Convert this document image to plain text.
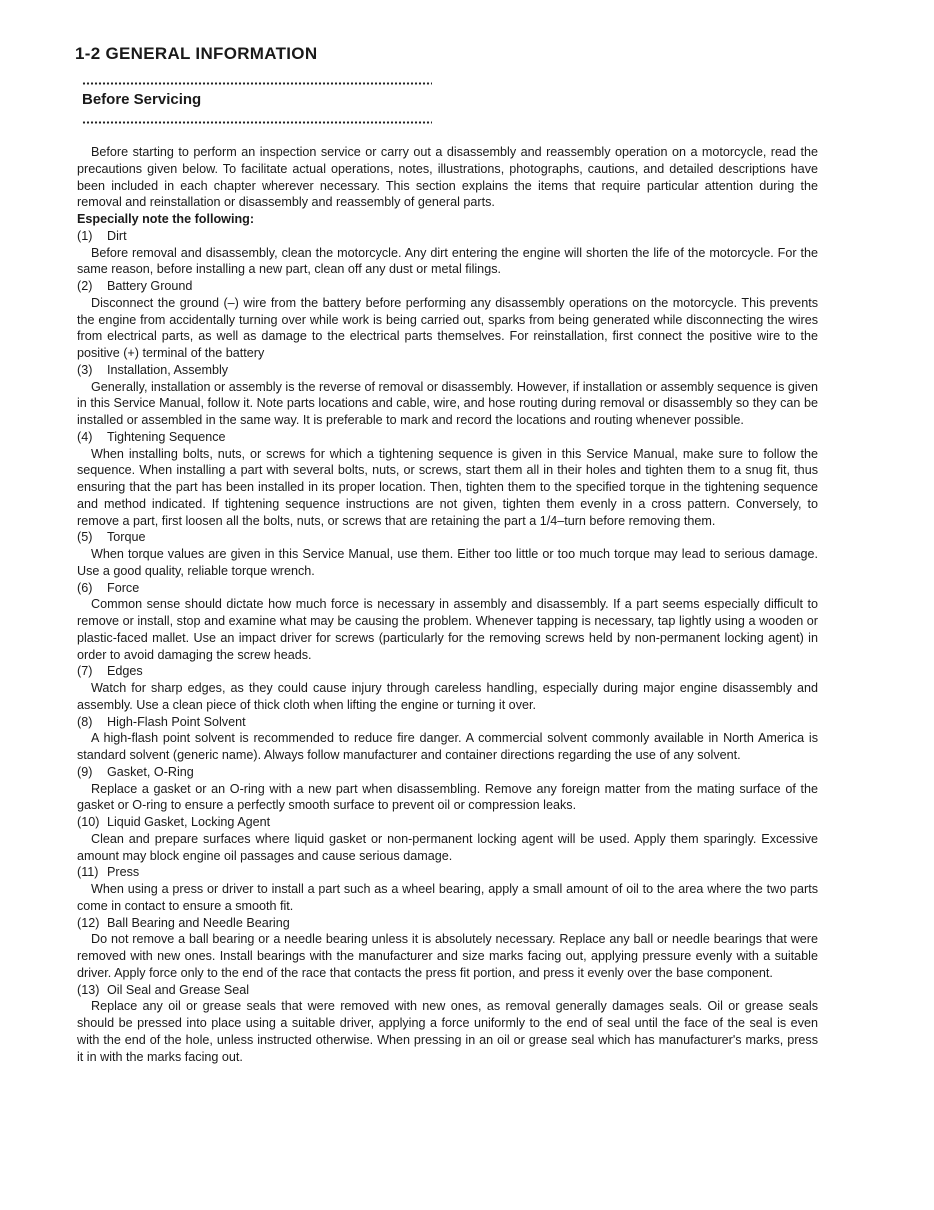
1-2 GENERAL INFORMATION
Before Servicing

Before starting to perform an inspection service or carry out a disassembly and reassembly operation on a motorcycle, read the precautions given below. To facilitate actual operations, notes, illustrations, photographs, cautions, and detailed descriptions have been included in each chapter wherever necessary. This section explains the items that require particular attention during the removal and reinstallation or disassembly and reassembly of general parts.

Especially note the following:

(1) Dirt

Before removal and disassembly, clean the motorcycle. Any dirt entering the engine will shorten the life of the motorcycle. For the same reason, before installing a new part, clean off any dust or metal filings.

(2) Battery Ground

Disconnect the ground (–) wire from the battery before performing any disassembly operations on the motorcycle. This prevents the engine from accidentally turning over while work is being carried out, sparks from being generated while disconnecting the wires from electrical parts, as well as damage to the electrical parts themselves. For reinstallation, first connect the positive wire to the positive (+) terminal of the battery

(3) Installation, Assembly

Generally, installation or assembly is the reverse of removal or disassembly. However, if installation or assembly sequence is given in this Service Manual, follow it. Note parts locations and cable, wire, and hose routing during removal or disassembly so they can be installed or assembled in the same way. It is preferable to mark and record the locations and routing whenever possible.

(4) Tightening Sequence

When installing bolts, nuts, or screws for which a tightening sequence is given in this Service Manual, make sure to follow the sequence. When installing a part with several bolts, nuts, or screws, start them all in their holes and tighten them to a snug fit, thus ensuring that the part has been installed in its proper location. Then, tighten them to the specified torque in the tightening sequence and method indicated. If tightening sequence instructions are not given, tighten them evenly in a cross pattern. Conversely, to remove a part, first loosen all the bolts, nuts, or screws that are retaining the part a 1/4–turn before removing them.

(5) Torque

When torque values are given in this Service Manual, use them. Either too little or too much torque may lead to serious damage. Use a good quality, reliable torque wrench.

(6) Force

Common sense should dictate how much force is necessary in assembly and disassembly. If a part seems especially difficult to remove or install, stop and examine what may be causing the problem. Whenever tapping is necessary, tap lightly using a wooden or plastic-faced mallet. Use an impact driver for screws (particularly for the removing screws held by non-permanent locking agent) in order to avoid damaging the screw heads.

(7) Edges

Watch for sharp edges, as they could cause injury through careless handling, especially during major engine disassembly and assembly. Use a clean piece of thick cloth when lifting the engine or turning it over.

(8) High-Flash Point Solvent

A high-flash point solvent is recommended to reduce fire danger. A commercial solvent commonly available in North America is standard solvent (generic name). Always follow manufacturer and container directions regarding the use of any solvent.

(9) Gasket, O-Ring

Replace a gasket or an O-ring with a new part when disassembling. Remove any foreign matter from the mating surface of the gasket or O-ring to ensure a perfectly smooth surface to prevent oil or compression leaks.

(10) Liquid Gasket, Locking Agent

Clean and prepare surfaces where liquid gasket or non-permanent locking agent will be used. Apply them sparingly. Excessive amount may block engine oil passages and cause serious damage.

(11) Press

When using a press or driver to install a part such as a wheel bearing, apply a small amount of oil to the area where the two parts come in contact to ensure a smooth fit.

(12) Ball Bearing and Needle Bearing

Do not remove a ball bearing or a needle bearing unless it is absolutely necessary. Replace any ball or needle bearings that were removed with new ones. Install bearings with the manufacturer and size marks facing out, applying pressure evenly with a suitable driver. Apply force only to the end of the race that contacts the press fit portion, and press it evenly over the base component.

(13) Oil Seal and Grease Seal

Replace any oil or grease seals that were removed with new ones, as removal generally damages seals. Oil or grease seals should be pressed into place using a suitable driver, applying a force uniformly to the end of seal until the face of the seal is even with the end of the hole, unless instructed otherwise. When pressing in an oil or grease seal which has manufacturer's marks, press it in with the marks facing out.
